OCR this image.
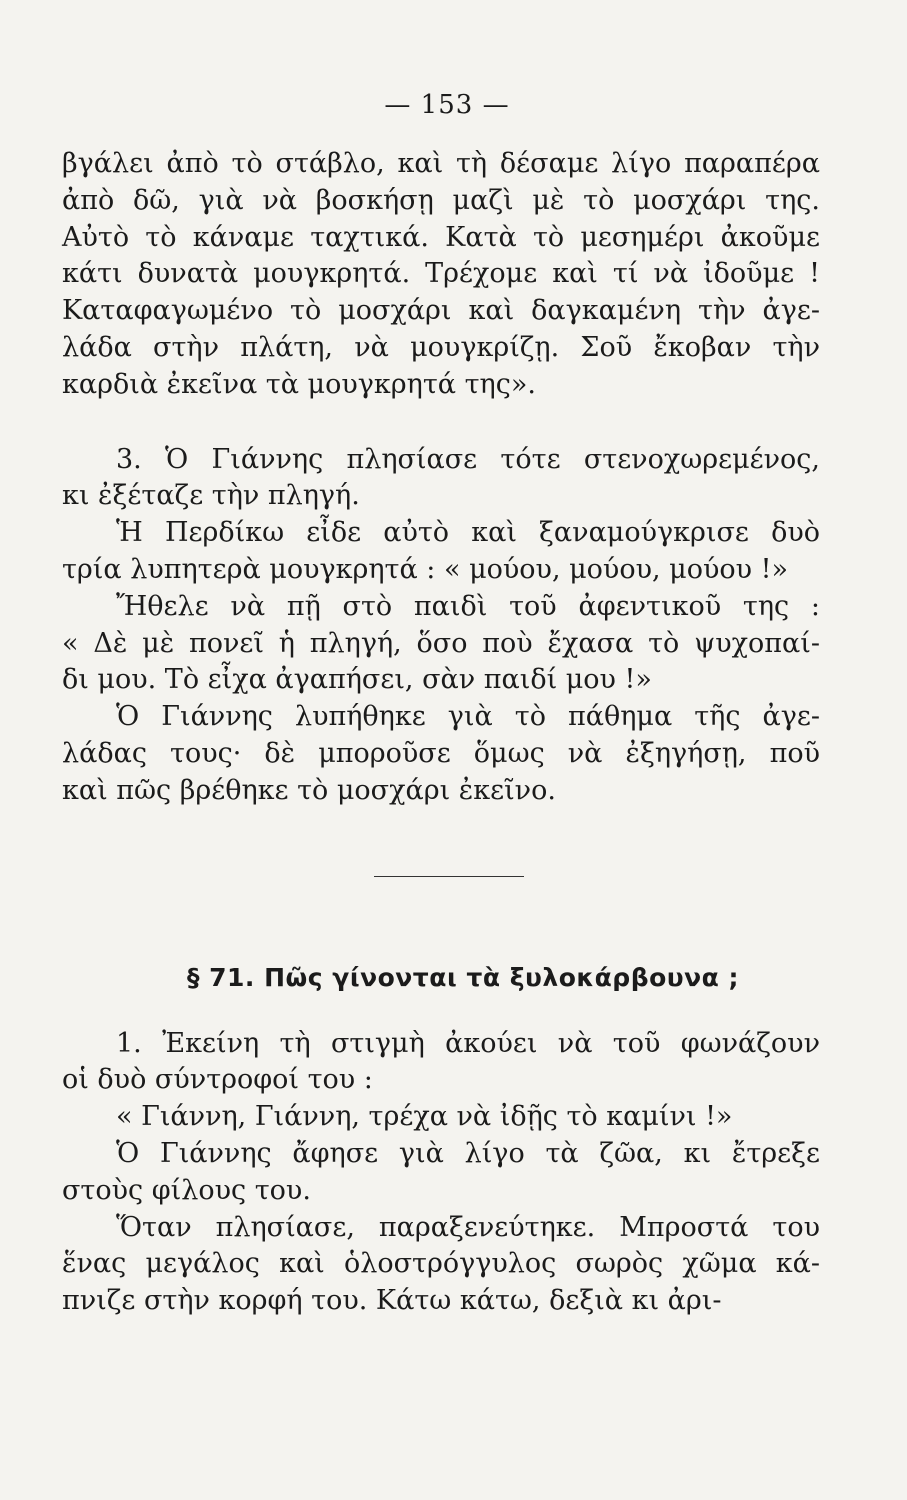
— 153 —

βγάλει ἀπὸ τὸ στάβλο, καὶ τὴ δέσαμε λίγο παραπέρα
ἀπὸ δῶ, γιὰ νὰ βοσκήσῃ μαζὶ μὲ τὸ μοσχάρι της.
Αὐτὸ τὸ κάναμε ταχτικά. Κατὰ τὸ μεσημέρι ἀκοῦμε
κάτι δυνατὰ μουγκρητά. Τρέχομε καὶ τί νὰ ἰδοῦμε !
Καταφαγωμένο τὸ μοσχάρι καὶ δαγκαμένη τὴν ἀγε-
λάδα στὴν πλάτη, νὰ μουγκρίζῃ. Σοῦ ἔκοβαν τὴν
καρδιὰ ἐκεῖνα τὰ μουγκρητά της».

3. Ὁ Γιάννης πλησίασε τότε στενοχωρεμένος,
κι ἐξέταζε τὴν πληγή.

Ἡ Περδίκω εἶδε αὐτὸ καὶ ξαναμούγκρισε δυὸ
τρία λυπητερὰ μουγκρητά : « μούου, μούου, μούου !»

Ἤθελε νὰ πῇ στὸ παιδὶ τοῦ ἀφεντικοῦ της :
« Δὲ μὲ πονεῖ ἡ πληγή, ὅσο ποὺ ἔχασα τὸ ψυχοπαί-
δι μου. Τὸ εἶχα ἀγαπήσει, σὰν παιδί μου !»

Ὁ Γιάννης λυπήθηκε γιὰ τὸ πάθημα τῆς ἀγε-
λάδας τους· δὲ μποροῦσε ὅμως νὰ ἐξηγήσῃ, ποῦ
καὶ πῶς βρέθηκε τὸ μοσχάρι ἐκεῖνο.

§ 71. Πῶς γίνονται τὰ ξυλοκάρβουνα ;

1. Ἐκείνη τὴ στιγμὴ ἀκούει νὰ τοῦ φωνάζουν
οἱ δυὸ σύντροφοί του :

« Γιάννη, Γιάννη, τρέχα νὰ ἰδῇς τὸ καμίνι !»

Ὁ Γιάννης ἄφησε γιὰ λίγο τὰ ζῶα, κι ἔτρεξε
στοὺς φίλους του.

Ὅταν πλησίασε, παραξενεύτηκε. Μπροστά του
ἕνας μεγάλος καὶ ὁλοστρόγγυλος σωρὸς χῶμα κά-
πνιζε στὴν κορφή του. Κάτω κάτω, δεξιὰ κι ἀρι-
